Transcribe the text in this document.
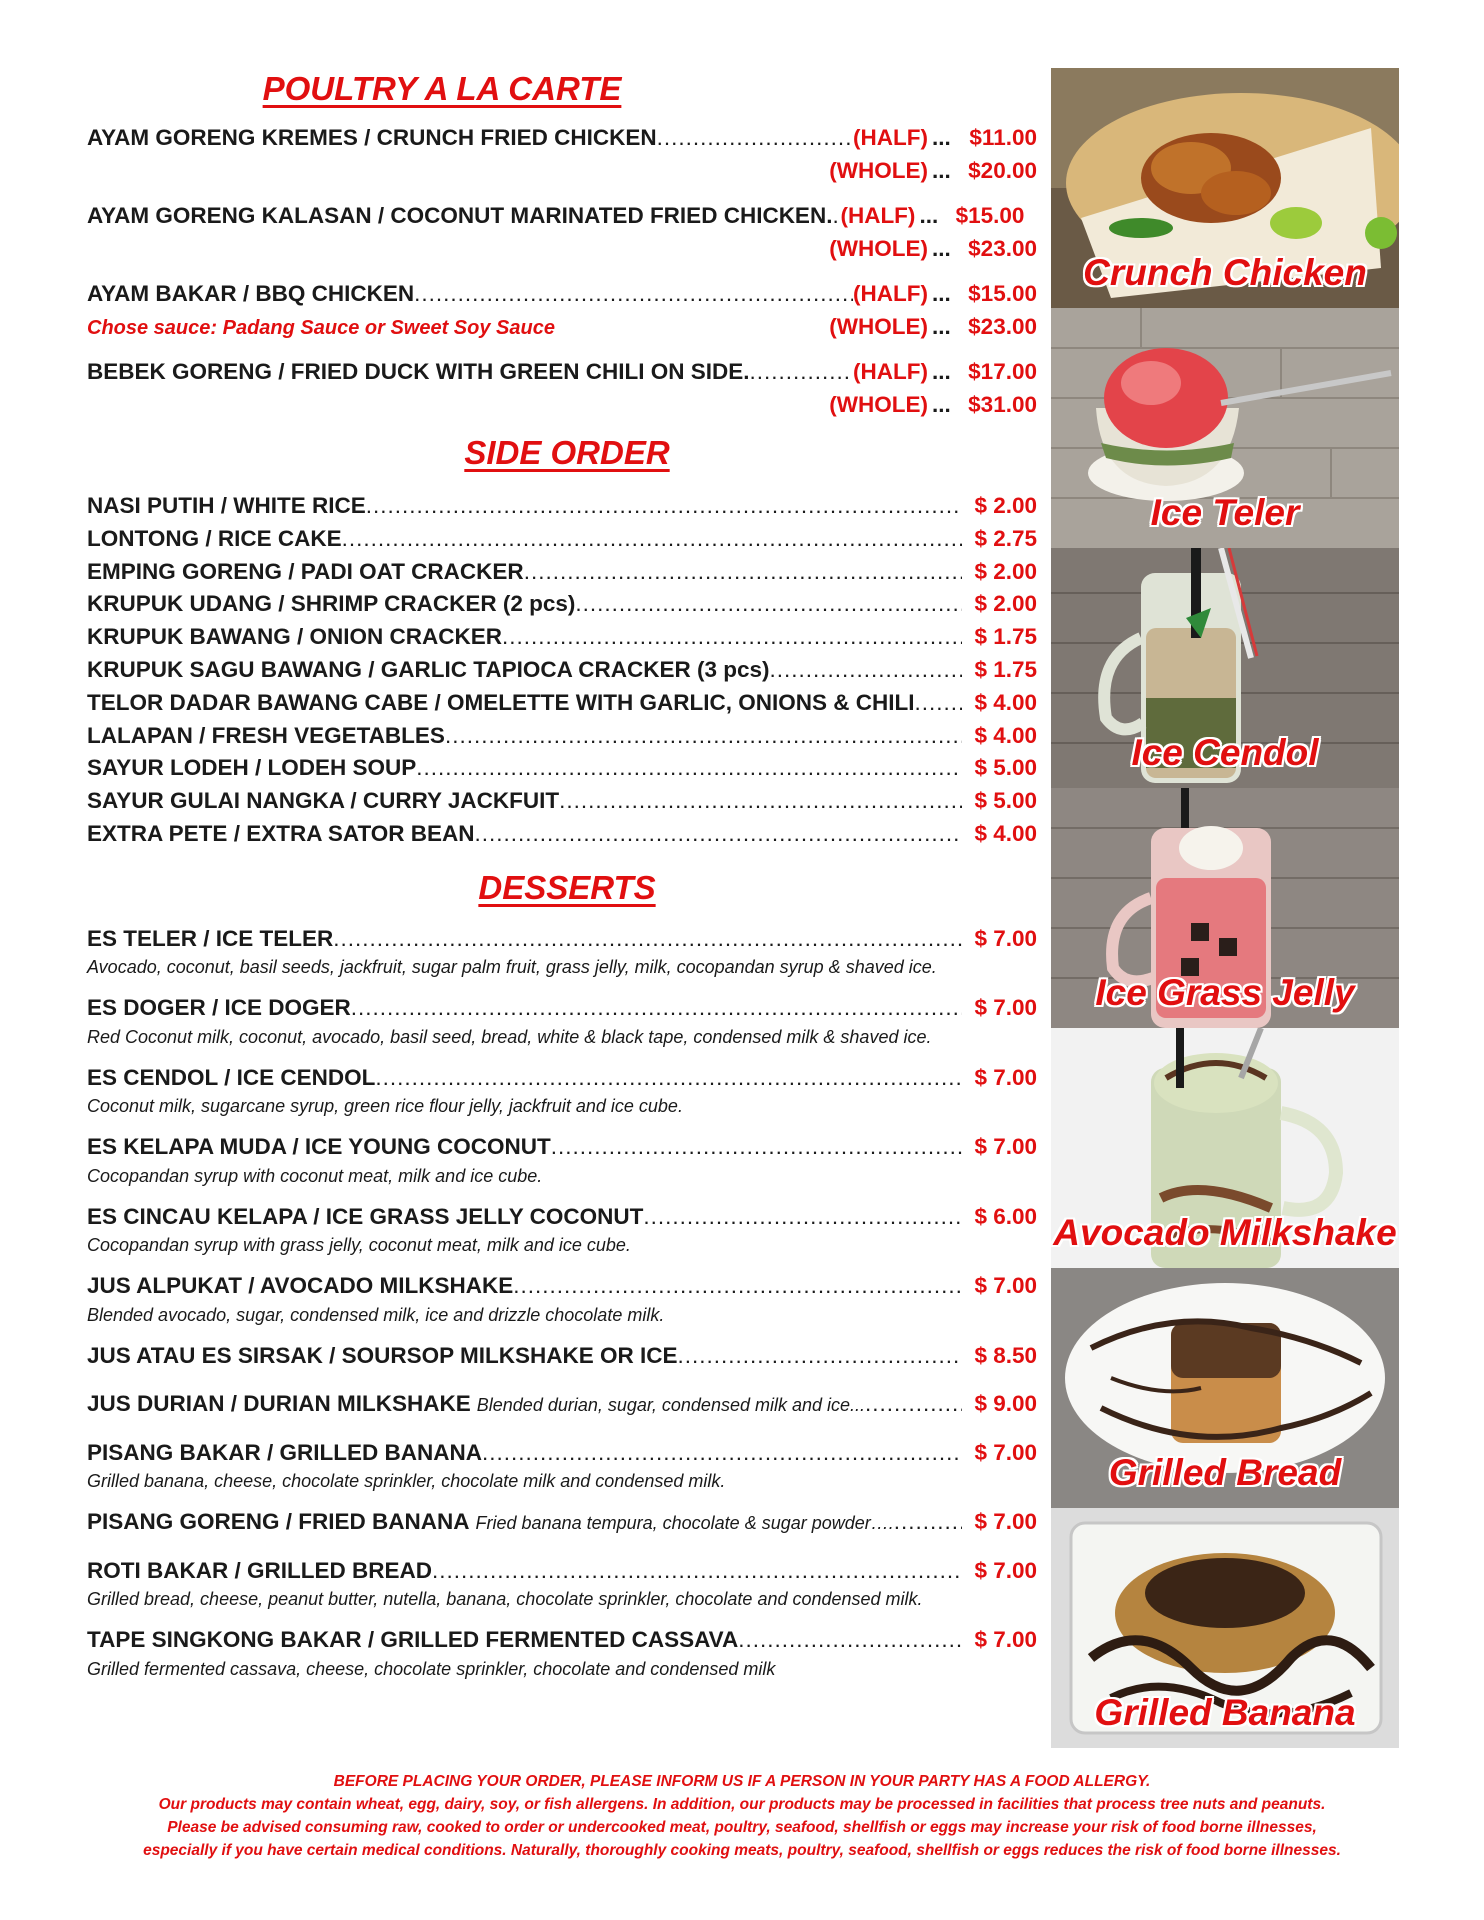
POULTRY A LA CARTE
AYAM GORENG KREMES / CRUNCH FRIED CHICKEN .....	(HALF) ... $11.00
(WHOLE) ... $20.00
AYAM GORENG KALASAN / COCONUT MARINATED FRIED CHICKEN. ..... (HALF) ... $15.00
(WHOLE) ... $23.00
AYAM BAKAR / BBQ CHICKEN .....	(HALF) ... $15.00
Chose sauce: Padang Sauce or Sweet Soy Sauce	(WHOLE) ... $23.00
BEBEK GORENG / FRIED DUCK WITH GREEN CHILI ON SIDE. .....	(HALF) ... $17.00
(WHOLE) ... $31.00
SIDE ORDER
NASI PUTIH / WHITE RICE .....	$ 2.00
LONTONG / RICE CAKE .....	$ 2.75
EMPING GORENG / PADI OAT CRACKER .....	$ 2.00
KRUPUK UDANG / SHRIMP CRACKER (2 pcs) .....	$ 2.00
KRUPUK BAWANG / ONION CRACKER .....	$ 1.75
KRUPUK SAGU BAWANG / GARLIC TAPIOCA CRACKER (3 pcs) .....	$ 1.75
TELOR DADAR BAWANG CABE / OMELETTE WITH GARLIC, ONIONS & CHILI .....	$ 4.00
LALAPAN / FRESH VEGETABLES .....	$ 4.00
SAYUR LODEH / LODEH SOUP .....	$ 5.00
SAYUR GULAI NANGKA / CURRY JACKFUIT .....	$ 5.00
EXTRA PETE / EXTRA SATOR BEAN .....	$ 4.00
DESSERTS
ES TELER / ICE TELER .....	$ 7.00
Avocado, coconut, basil seeds, jackfruit, sugar palm fruit, grass jelly, milk, cocopandan syrup & shaved ice.
ES DOGER / ICE DOGER .....	$ 7.00
Red Coconut milk, coconut, avocado, basil seed, bread, white & black tape, condensed milk & shaved ice.
ES CENDOL / ICE CENDOL .....	$ 7.00
Coconut milk, sugarcane syrup, green rice flour jelly, jackfruit and ice cube.
ES KELAPA MUDA / ICE YOUNG COCONUT .....	$ 7.00
Cocopandan syrup with coconut meat, milk and ice cube.
ES CINCAU KELAPA / ICE GRASS JELLY COCONUT .....	$ 6.00
Cocopandan syrup with grass jelly, coconut meat, milk and ice cube.
JUS ALPUKAT / AVOCADO MILKSHAKE .....	$ 7.00
Blended avocado, sugar, condensed milk, ice and drizzle chocolate milk.
JUS ATAU ES SIRSAK / SOURSOP MILKSHAKE OR ICE .....	$ 8.50
JUS DURIAN / DURIAN MILKSHAKE Blended durian, sugar, condensed milk and ice... .....	$ 9.00
PISANG BAKAR / GRILLED BANANA .....	$ 7.00
Grilled banana, cheese, chocolate sprinkler, chocolate milk and condensed milk.
PISANG GORENG / FRIED BANANA Fried banana tempura, chocolate & sugar powder…. .....	$ 7.00
ROTI BAKAR / GRILLED BREAD .....	$ 7.00
Grilled bread, cheese, peanut butter, nutella, banana, chocolate sprinkler, chocolate and condensed milk.
TAPE SINGKONG BAKAR / GRILLED FERMENTED CASSAVA .....	$ 7.00
Grilled fermented cassava, cheese, chocolate sprinkler, chocolate and condensed milk
Crunch Chicken
Ice Teler
Ice Cendol
Ice Grass Jelly
Avocado Milkshake
Grilled Bread
Grilled Banana
BEFORE PLACING YOUR ORDER, PLEASE INFORM US IF A PERSON IN YOUR PARTY HAS A FOOD ALLERGY.
Our products may contain wheat, egg, dairy, soy, or fish allergens. In addition, our products may be processed in facilities that process tree nuts and peanuts.
Please be advised consuming raw, cooked to order or undercooked meat, poultry, seafood, shellfish or eggs may increase your risk of food borne illnesses,
especially if you have certain medical conditions. Naturally, thoroughly cooking meats, poultry, seafood, shellfish or eggs reduces the risk of food borne illnesses.
